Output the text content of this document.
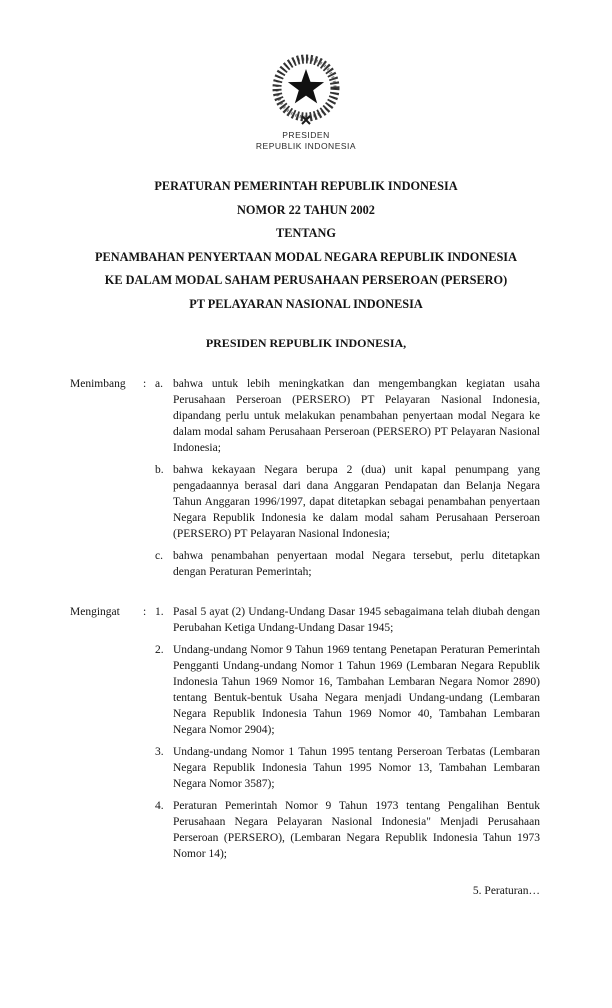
PRESIDEN
REPUBLIK INDONESIA
PERATURAN PEMERINTAH REPUBLIK INDONESIA
NOMOR 22 TAHUN 2002
TENTANG
PENAMBAHAN PENYERTAAN MODAL NEGARA REPUBLIK INDONESIA
KE DALAM MODAL SAHAM PERUSAHAAN PERSEROAN (PERSERO)
PT PELAYARAN NASIONAL INDONESIA
PRESIDEN REPUBLIK INDONESIA,
Menimbang	: a. bahwa untuk lebih meningkatkan dan mengembangkan kegiatan usaha Perusahaan Perseroan (PERSERO) PT Pelayaran Nasional Indonesia, dipandang perlu untuk melakukan penambahan penyertaan modal Negara ke dalam modal saham Perusahaan Perseroan (PERSERO) PT Pelayaran Nasional Indonesia;
b. bahwa kekayaan Negara berupa 2 (dua) unit kapal penumpang yang pengadaannya berasal dari dana Anggaran Pendapatan dan Belanja Negara Tahun Anggaran 1996/1997, dapat ditetapkan sebagai penambahan penyertaan Negara Republik Indonesia ke dalam modal saham Perusahaan Perseroan (PERSERO) PT Pelayaran Nasional Indonesia;
c. bahwa penambahan penyertaan modal Negara tersebut, perlu ditetapkan dengan Peraturan Pemerintah;
Mengingat	: 1. Pasal 5 ayat (2) Undang-Undang Dasar 1945 sebagaimana telah diubah dengan Perubahan Ketiga Undang-Undang Dasar 1945;
2. Undang-undang Nomor 9 Tahun 1969 tentang Penetapan Peraturan Pemerintah Pengganti Undang-undang Nomor 1 Tahun 1969 (Lembaran Negara Republik Indonesia Tahun 1969 Nomor 16, Tambahan Lembaran Negara Nomor 2890) tentang Bentuk-bentuk Usaha Negara menjadi Undang-undang (Lembaran Negara Republik Indonesia Tahun 1969 Nomor 40, Tambahan Lembaran Negara Nomor 2904);
3. Undang-undang Nomor 1 Tahun 1995 tentang Perseroan Terbatas (Lembaran Negara Republik Indonesia Tahun 1995 Nomor 13, Tambahan Lembaran Negara Nomor 3587);
4. Peraturan Pemerintah Nomor 9 Tahun 1973 tentang Pengalihan Bentuk Perusahaan Negara Pelayaran Nasional Indonesia" Menjadi Perusahaan Perseroan (PERSERO), (Lembaran Negara Republik Indonesia Tahun 1973 Nomor 14);
5. Peraturan…
